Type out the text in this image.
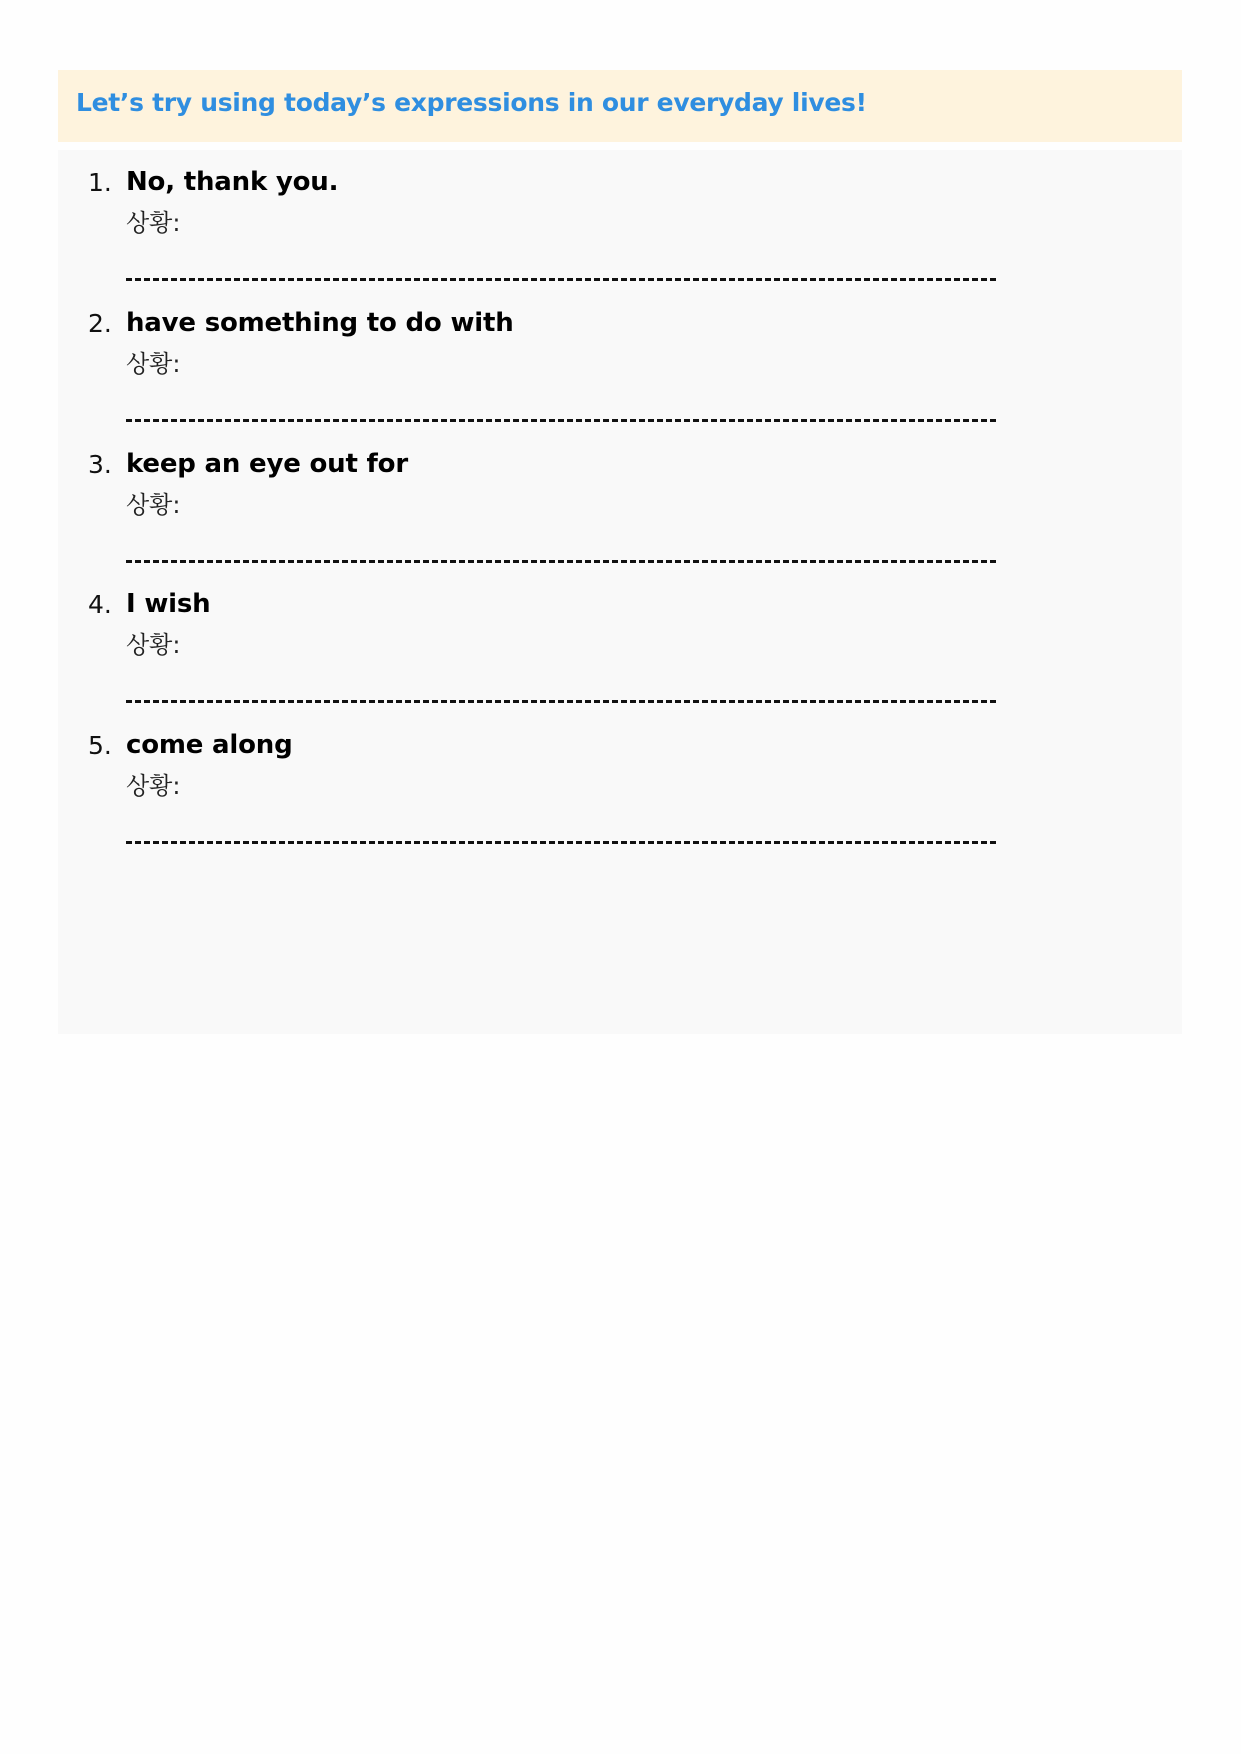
Let’s try using today’s expressions in our everyday lives!
1. No, thank you.
상황:
2. have something to do with
상황:
3. keep an eye out for
상황:
4. I wish
상황:
5. come along
상황:
